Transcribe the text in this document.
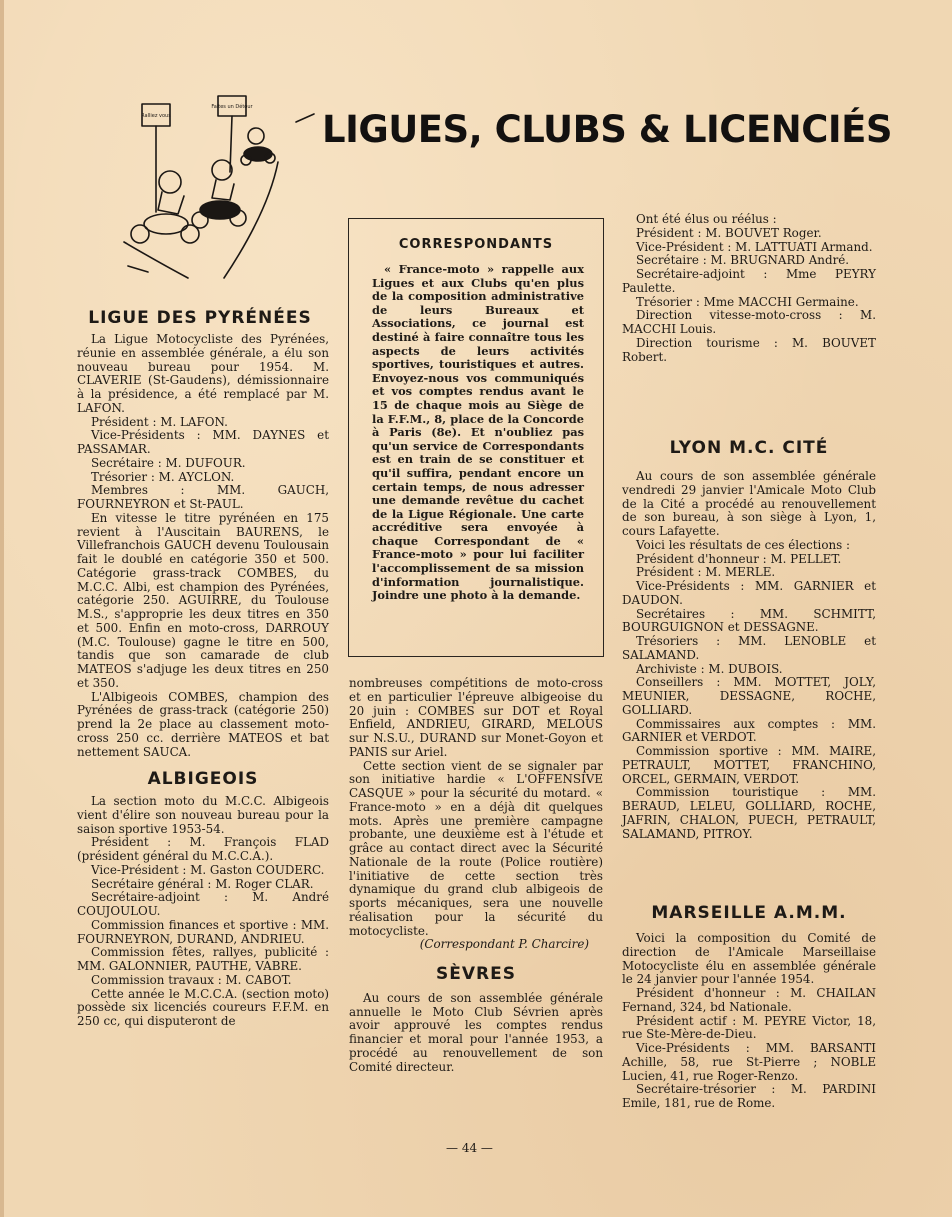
Ralliez vous
Faites un Détour
LIGUES, CLUBS & LICENCIÉS
LIGUE DES PYRÉNÉES

La Ligue Motocycliste des Pyrénées, réunie en assemblée générale, a élu son nouveau bureau pour 1954. M. CLAVERIE (St-Gaudens), démissionnaire à la présidence, a été remplacé par M. LAFON.

Président : M. LAFON.

Vice-Présidents : MM. DAYNES et PASSAMAR.

Secrétaire : M. DUFOUR.

Trésorier : M. AYCLON.

Membres : MM. GAUCH, FOURNEYRON et St-PAUL.

En vitesse le titre pyrénéen en 175 revient à l'Auscitain BAURENS, le Villefranchois GAUCH devenu Toulousain fait le doublé en catégorie 350 et 500. Catégorie grass-track COMBES, du M.C.C. Albi, est champion des Pyrénées, catégorie 250. AGUIRRE, du Toulouse M.S., s'approprie les deux titres en 350 et 500. Enfin en moto-cross, DARROUY (M.C. Toulouse) gagne le titre en 500, tandis que son camarade de club MATEOS s'adjuge les deux titres en 250 et 350.

L'Albigeois COMBES, champion des Pyrénées de grass-track (catégorie 250) prend la 2e place au classement moto-cross 250 cc. derrière MATEOS et bat nettement SAUCA.

ALBIGEOIS

La section moto du M.C.C. Albigeois vient d'élire son nouveau bureau pour la saison sportive 1953-54.

Président : M. François FLAD (président général du M.C.C.A.).

Vice-Président : M. Gaston COUDERC.

Secrétaire général : M. Roger CLAR.

Secrétaire-adjoint : M. André COUJOULOU.

Commission finances et sportive : MM. FOURNEYRON, DURAND, ANDRIEU.

Commission fêtes, rallyes, publicité : MM. GALONNIER, PAUTHE, VABRE.

Commission travaux : M. CABOT.

Cette année le M.C.C.A. (section moto) possède six licenciés coureurs F.F.M. en 250 cc, qui disputeront de

CORRESPONDANTS

« France-moto » rappelle aux Ligues et aux Clubs qu'en plus de la composition administrative de leurs Bureaux et Associations, ce journal est destiné à faire connaître tous les aspects de leurs activités sportives, touristiques et autres. Envoyez-nous vos communiqués et vos comptes rendus avant le 15 de chaque mois au Siège de la F.F.M., 8, place de la Concorde à Paris (8e). Et n'oubliez pas qu'un service de Correspondants est en train de se constituer et qu'il suffira, pendant encore un certain temps, de nous adresser une demande revêtue du cachet de la Ligue Régionale. Une carte accréditive sera envoyée à chaque Correspondant de « France-moto » pour lui faciliter l'accomplissement de sa mission d'information journalistique. Joindre une photo à la demande.

nombreuses compétitions de moto-cross et en particulier l'épreuve albigeoise du 20 juin : COMBES sur DOT et Royal Enfield, ANDRIEU, GIRARD, MELOUS sur N.S.U., DURAND sur Monet-Goyon et PANIS sur Ariel.

Cette section vient de se signaler par son initiative hardie « L'OFFENSIVE CASQUE » pour la sécurité du motard. « France-moto » en a déjà dit quelques mots. Après une première campagne probante, une deuxième est à l'étude et grâce au contact direct avec la Sécurité Nationale de la route (Police routière) l'initiative de cette section très dynamique du grand club albigeois de sports mécaniques, sera une nouvelle réalisation pour la sécurité du motocycliste.

(Correspondant P. Charcire)

SÈVRES

Au cours de son assemblée générale annuelle le Moto Club Sévrien après avoir approuvé les comptes rendus financier et moral pour l'année 1953, a procédé au renouvellement de son Comité directeur.

Ont été élus ou réélus :

Président : M. BOUVET Roger.

Vice-Président : M. LATTUATI Armand.

Secrétaire : M. BRUGNARD André.

Secrétaire-adjoint : Mme PEYRY Paulette.

Trésorier : Mme MACCHI Germaine.

Direction vitesse-moto-cross : M. MACCHI Louis.

Direction tourisme : M. BOUVET Robert.

LYON M.C. CITÉ

Au cours de son assemblée générale vendredi 29 janvier l'Amicale Moto Club de la Cité a procédé au renouvellement de son bureau, à son siège à Lyon, 1, cours Lafayette.

Voici les résultats de ces élections :

Président d'honneur : M. PELLET.

Président : M. MERLE.

Vice-Présidents : MM. GARNIER et DAUDON.

Secrétaires : MM. SCHMITT, BOURGUIGNON et DESSAGNE.

Trésoriers : MM. LENOBLE et SALAMAND.

Archiviste : M. DUBOIS.

Conseillers : MM. MOTTET, JOLY, MEUNIER, DESSAGNE, ROCHE, GOLLIARD.

Commissaires aux comptes : MM. GARNIER et VERDOT.

Commission sportive : MM. MAIRE, PETRAULT, MOTTET, FRANCHINO, ORCEL, GERMAIN, VERDOT.

Commission touristique : MM. BERAUD, LELEU, GOLLIARD, ROCHE, JAFRIN, CHALON, PUECH, PETRAULT, SALAMAND, PITROY.

MARSEILLE A.M.M.

Voici la composition du Comité de direction de l'Amicale Marseillaise Motocycliste élu en assemblée générale le 24 janvier pour l'année 1954.

Président d'honneur : M. CHAILAN Fernand, 324, bd Nationale.

Président actif : M. PEYRE Victor, 18, rue Ste-Mère-de-Dieu.

Vice-Présidents : MM. BARSANTI Achille, 58, rue St-Pierre ; NOBLE Lucien, 41, rue Roger-Renzo.

Secrétaire-trésorier : M. PARDINI Emile, 181, rue de Rome.

— 44 —
